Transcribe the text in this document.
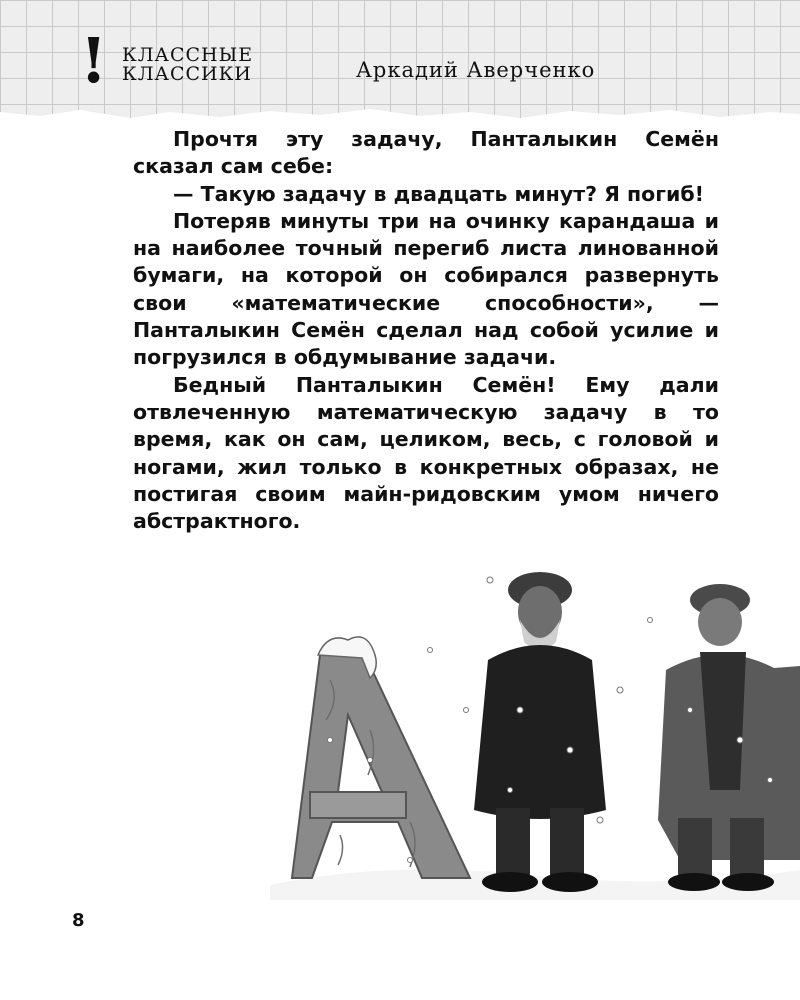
! КЛАССНЫЕ
КЛАССИКИ	Аркадий Аверченко

Прочтя эту задачу, Панталыкин Семён сказал сам себе:

— Такую задачу в двадцать минут? Я погиб!

Потеряв минуты три на очинку карандаша и на наиболее точный перегиб листа линованной бумаги, на которой он собирался развернуть свои «математические способности», — Панталыкин Семён сделал над собой усилие и погрузился в обдумывание задачи.

Бедный Панталыкин Семён! Ему дали отвлеченную математическую задачу в то время, как он сам, целиком, весь, с головой и ногами, жил только в конкретных образах, не постигая своим майн-ридовским умом ничего абстрактного.

8
